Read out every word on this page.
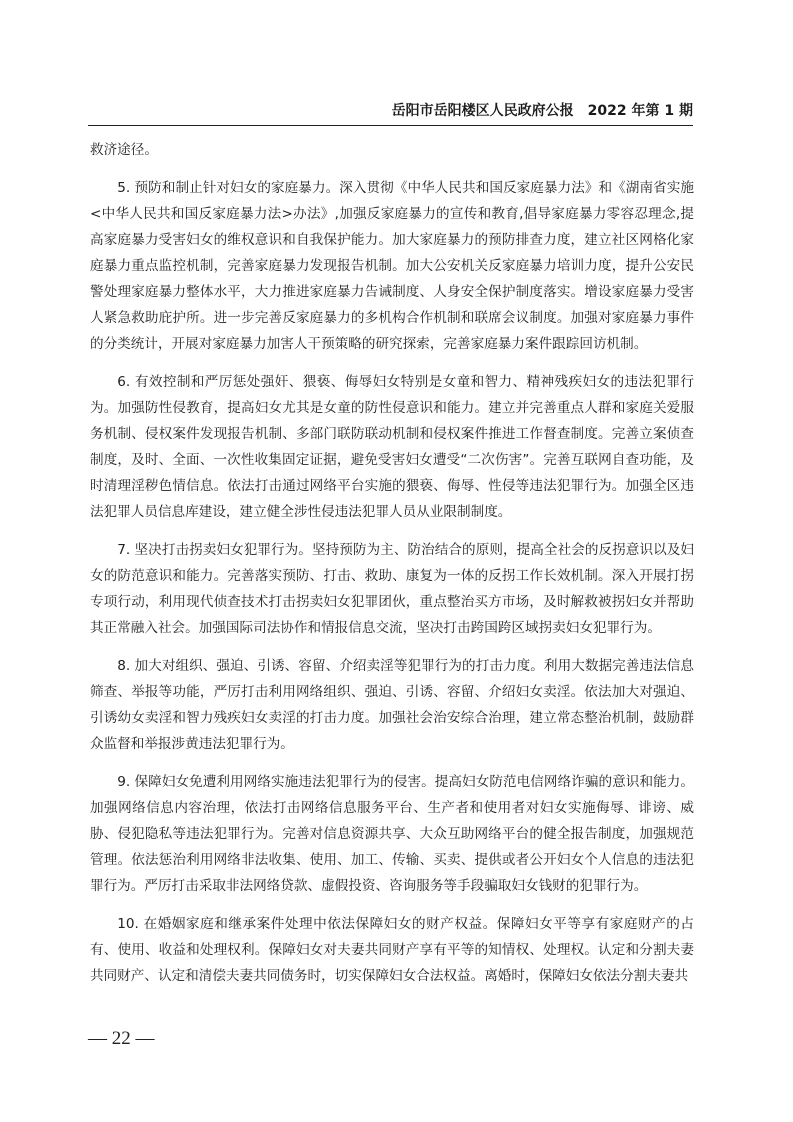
岳阳市岳阳楼区人民政府公报　2022 年第 1 期

救济途径。

5. 预防和制止针对妇女的家庭暴力。深入贯彻《中华人民共和国反家庭暴力法》和《湖南省实施<中华人民共和国反家庭暴力法>办法》,加强反家庭暴力的宣传和教育,倡导家庭暴力零容忍理念,提高家庭暴力受害妇女的维权意识和自我保护能力。加大家庭暴力的预防排查力度，建立社区网格化家庭暴力重点监控机制，完善家庭暴力发现报告机制。加大公安机关反家庭暴力培训力度，提升公安民警处理家庭暴力整体水平，大力推进家庭暴力告诫制度、人身安全保护制度落实。增设家庭暴力受害人紧急救助庇护所。进一步完善反家庭暴力的多机构合作机制和联席会议制度。加强对家庭暴力事件的分类统计，开展对家庭暴力加害人干预策略的研究探索，完善家庭暴力案件跟踪回访机制。

6. 有效控制和严厉惩处强奸、猥亵、侮辱妇女特别是女童和智力、精神残疾妇女的违法犯罪行为。加强防性侵教育，提高妇女尤其是女童的防性侵意识和能力。建立并完善重点人群和家庭关爱服务机制、侵权案件发现报告机制、多部门联防联动机制和侵权案件推进工作督查制度。完善立案侦查制度，及时、全面、一次性收集固定证据，避免受害妇女遭受“二次伤害”。完善互联网自查功能，及时清理淫秽色情信息。依法打击通过网络平台实施的猥亵、侮辱、性侵等违法犯罪行为。加强全区违法犯罪人员信息库建设，建立健全涉性侵违法犯罪人员从业限制制度。

7. 坚决打击拐卖妇女犯罪行为。坚持预防为主、防治结合的原则，提高全社会的反拐意识以及妇女的防范意识和能力。完善落实预防、打击、救助、康复为一体的反拐工作长效机制。深入开展打拐专项行动，利用现代侦查技术打击拐卖妇女犯罪团伙，重点整治买方市场，及时解救被拐妇女并帮助其正常融入社会。加强国际司法协作和情报信息交流，坚决打击跨国跨区域拐卖妇女犯罪行为。

8. 加大对组织、强迫、引诱、容留、介绍卖淫等犯罪行为的打击力度。利用大数据完善违法信息筛查、举报等功能，严厉打击利用网络组织、强迫、引诱、容留、介绍妇女卖淫。依法加大对强迫、引诱幼女卖淫和智力残疾妇女卖淫的打击力度。加强社会治安综合治理，建立常态整治机制，鼓励群众监督和举报涉黄违法犯罪行为。

9. 保障妇女免遭利用网络实施违法犯罪行为的侵害。提高妇女防范电信网络诈骗的意识和能力。加强网络信息内容治理，依法打击网络信息服务平台、生产者和使用者对妇女实施侮辱、诽谤、威胁、侵犯隐私等违法犯罪行为。完善对信息资源共享、大众互助网络平台的健全报告制度，加强规范管理。依法惩治利用网络非法收集、使用、加工、传输、买卖、提供或者公开妇女个人信息的违法犯罪行为。严厉打击采取非法网络贷款、虚假投资、咨询服务等手段骗取妇女钱财的犯罪行为。

10. 在婚姻家庭和继承案件处理中依法保障妇女的财产权益。保障妇女平等享有家庭财产的占有、使用、收益和处理权利。保障妇女对夫妻共同财产享有平等的知情权、处理权。认定和分割夫妻共同财产、认定和清偿夫妻共同债务时，切实保障妇女合法权益。离婚时，保障妇女依法分割夫妻共

— 22 —
